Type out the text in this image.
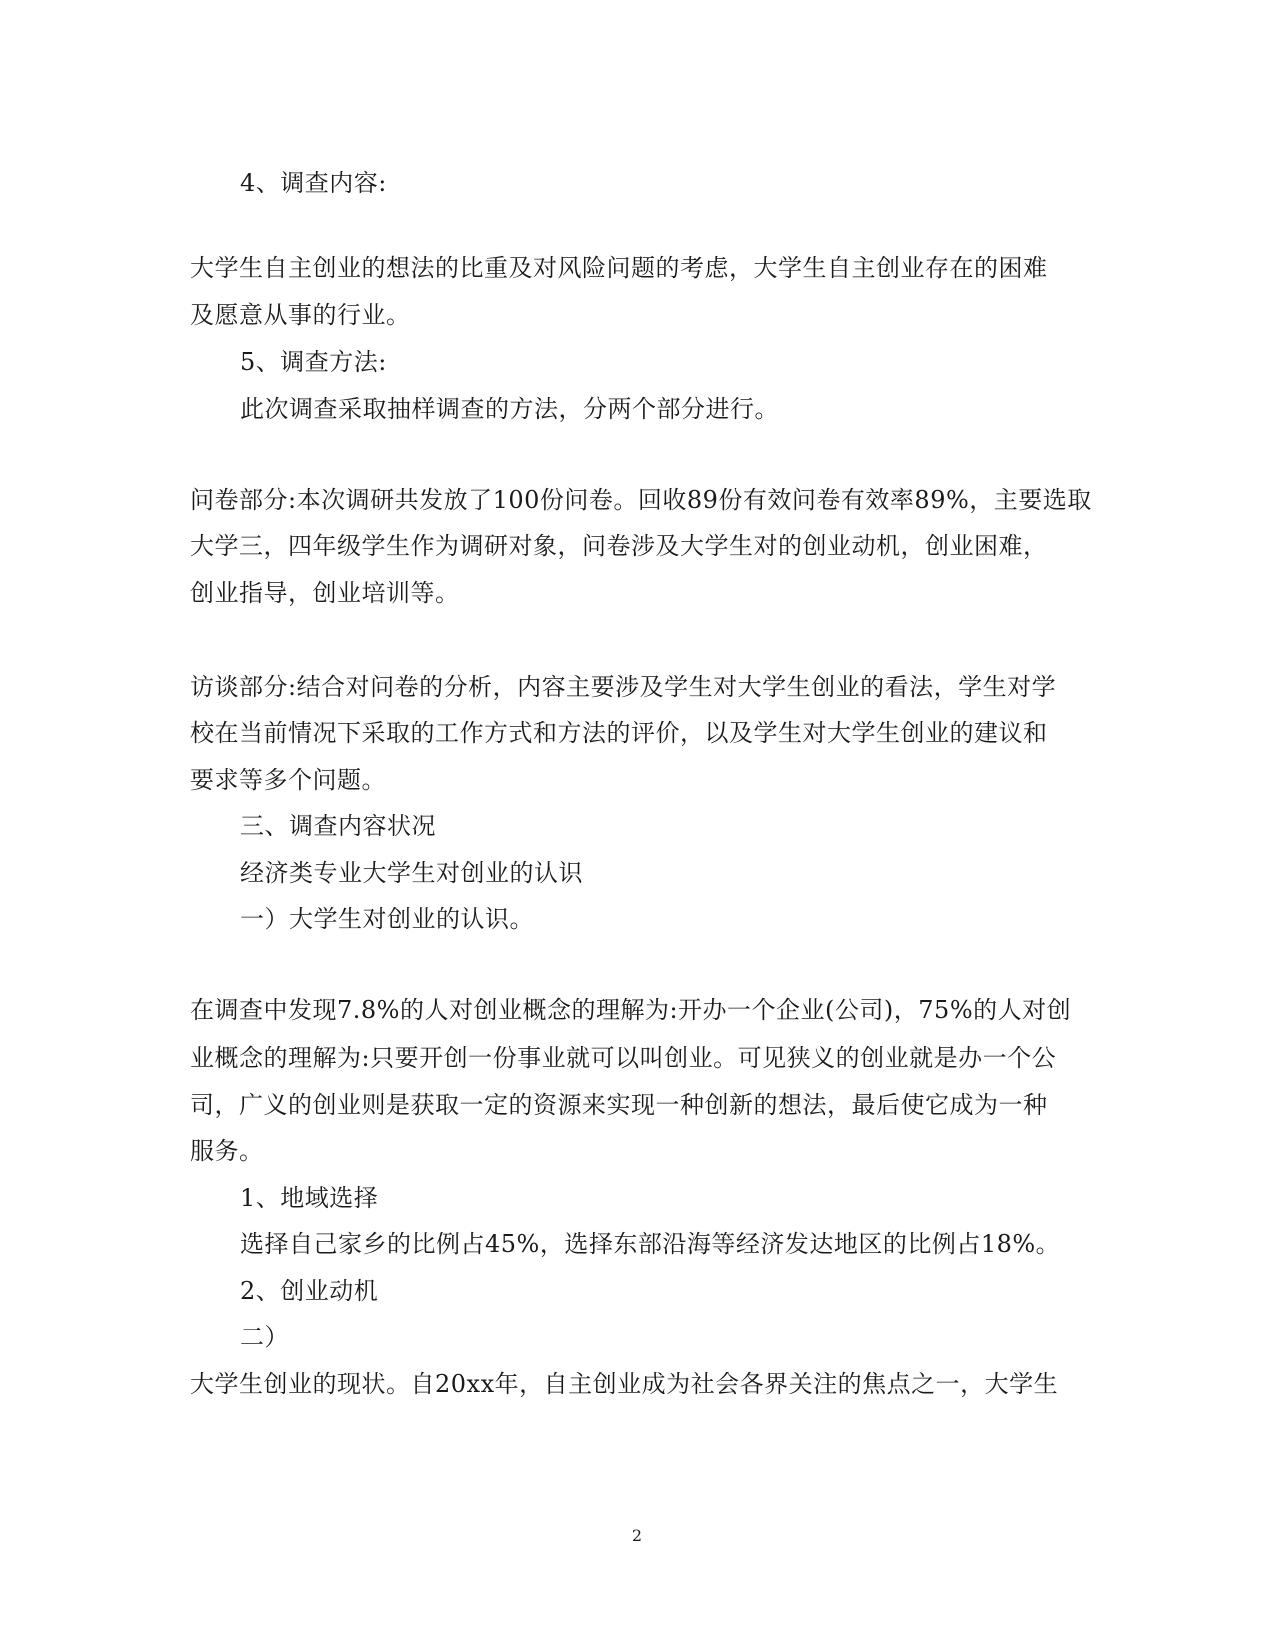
4、调查内容:
大学生自主创业的想法的比重及对风险问题的考虑，大学生自主创业存在的困难
及愿意从事的行业。
5、调查方法:
此次调查采取抽样调查的方法，分两个部分进行。
问卷部分:本次调研共发放了100份问卷。回收89份有效问卷有效率89%，主要选取
大学三，四年级学生作为调研对象，问卷涉及大学生对的创业动机，创业困难，
创业指导，创业培训等。
访谈部分:结合对问卷的分析，内容主要涉及学生对大学生创业的看法，学生对学
校在当前情况下采取的工作方式和方法的评价，以及学生对大学生创业的建议和
要求等多个问题。
三、调查内容状况
经济类专业大学生对创业的认识
一）大学生对创业的认识。
在调查中发现7.8%的人对创业概念的理解为:开办一个企业(公司)，75%的人对创
业概念的理解为:只要开创一份事业就可以叫创业。可见狭义的创业就是办一个公
司，广义的创业则是获取一定的资源来实现一种创新的想法，最后使它成为一种
服务。
1、地域选择
选择自己家乡的比例占45%，选择东部沿海等经济发达地区的比例占18%。
2、创业动机
二）
大学生创业的现状。自20xx年，自主创业成为社会各界关注的焦点之一，大学生
2
